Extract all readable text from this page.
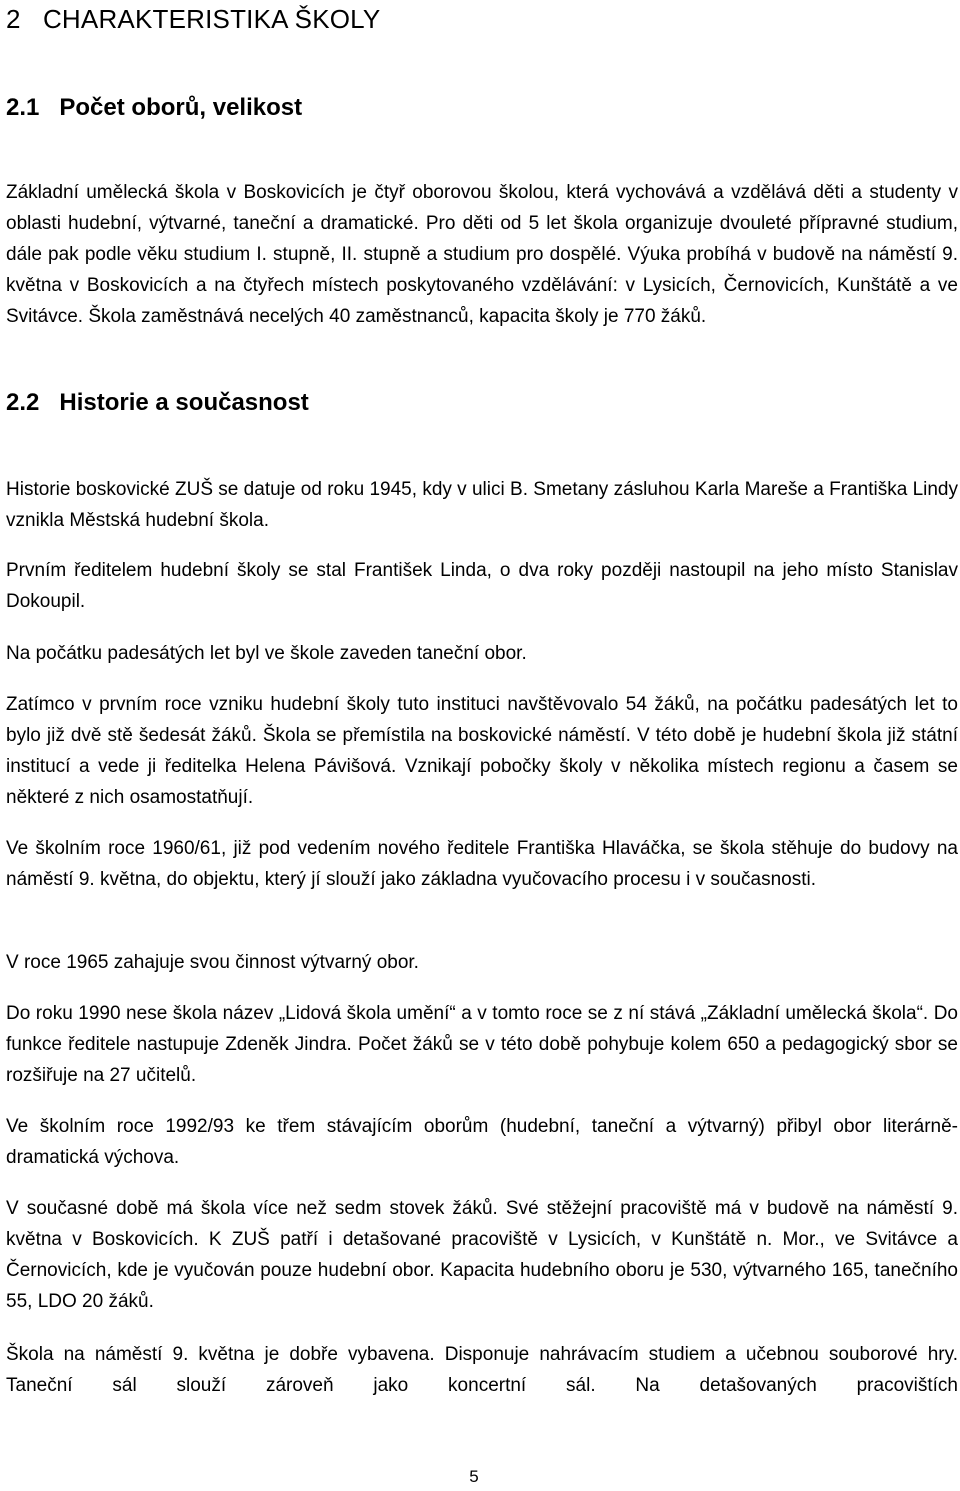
2 CHARAKTERISTIKA ŠKOLY
2.1 Počet oborů, velikost

Základní umělecká škola v Boskovicích je čtyř oborovou školou, která vychovává a vzdělává děti a studenty v oblasti hudební, výtvarné, taneční a dramatické. Pro děti od 5 let škola organizuje dvouleté přípravné studium, dále pak podle věku studium I. stupně, II. stupně a studium pro dospělé. Výuka probíhá v budově na náměstí 9. května v Boskovicích a na čtyřech místech poskytovaného vzdělávání: v Lysicích, Černovicích, Kunštátě a ve Svitávce. Škola zaměstnává necelých 40 zaměstnanců, kapacita školy je 770 žáků.

2.2 Historie a současnost

Historie boskovické ZUŠ se datuje od roku 1945, kdy v ulici B. Smetany zásluhou Karla Mareše a Františka Lindy vznikla Městská hudební škola.

Prvním ředitelem hudební školy se stal František Linda, o dva roky později nastoupil na jeho místo Stanislav Dokoupil.

Na počátku padesátých let byl ve škole zaveden taneční obor.

Zatímco v prvním roce vzniku hudební školy tuto instituci navštěvovalo 54 žáků, na počátku padesátých let to bylo již dvě stě šedesát žáků. Škola se přemístila na boskovické náměstí. V této době je hudební škola již státní institucí a vede ji ředitelka Helena Pávišová. Vznikají pobočky školy v několika místech regionu a časem se některé z nich osamostatňují.

Ve školním roce 1960/61, již pod vedením nového ředitele Františka Hlaváčka, se škola stěhuje do budovy na náměstí 9. května, do objektu, který jí slouží jako základna vyučovacího procesu i v současnosti.

V roce 1965 zahajuje svou činnost výtvarný obor.

Do roku 1990 nese škola název „Lidová škola umění“ a v tomto roce se z ní stává „Základní umělecká škola“. Do funkce ředitele nastupuje Zdeněk Jindra. Počet žáků se v této době pohybuje kolem 650 a pedagogický sbor se rozšiřuje na 27 učitelů.

Ve školním roce 1992/93 ke třem stávajícím oborům (hudební, taneční a výtvarný) přibyl obor literárně-dramatická výchova.

V současné době má škola více než sedm stovek žáků. Své stěžejní pracoviště má v budově na náměstí 9. května v Boskovicích. K ZUŠ patří i detašované pracoviště v Lysicích, v Kunštátě n. Mor., ve Svitávce a Černovicích, kde je vyučován pouze hudební obor. Kapacita hudebního oboru je 530, výtvarného 165, tanečního 55, LDO 20 žáků.

Škola na náměstí 9. května je dobře vybavena. Disponuje nahrávacím studiem a učebnou souborové hry. Taneční sál slouží zároveň jako koncertní sál. Na detašovaných pracovištích

5
